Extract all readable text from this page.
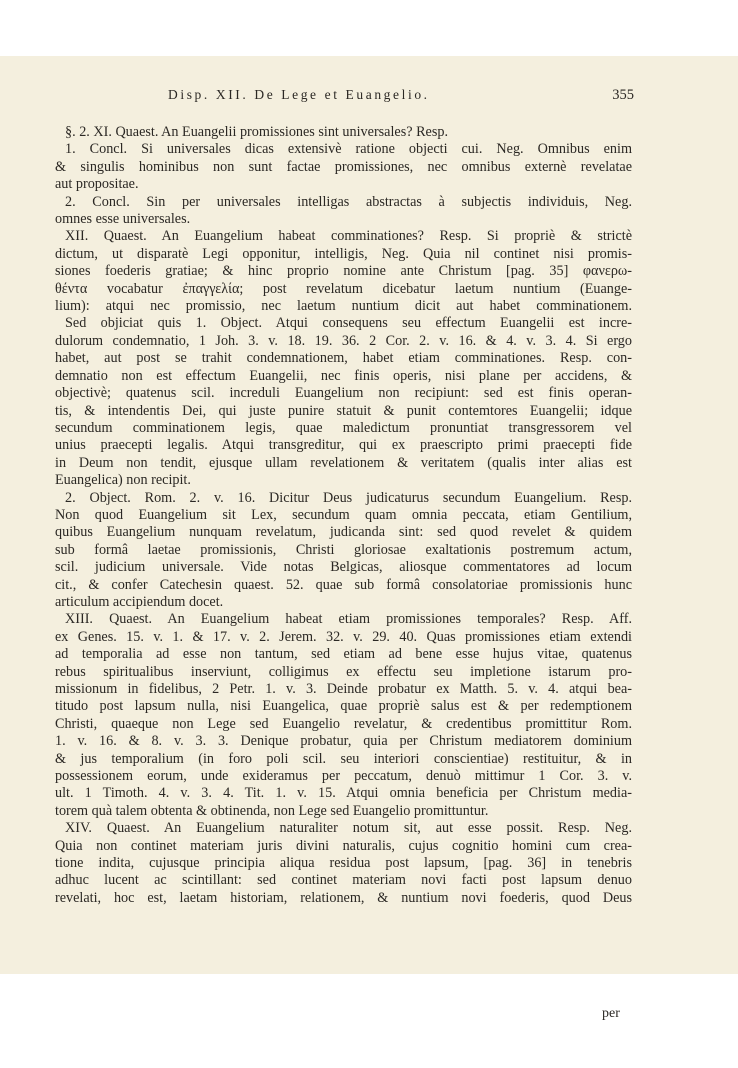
Disp. XII. De Lege et Euangelio.	355
§. 2. XI. Quaest. An Euangelii promissiones sint universales? Resp.
1. Concl. Si universales dicas extensivè ratione objecti cui. Neg. Omnibus enim
& singulis hominibus non sunt factae promissiones, nec omnibus externè revelatae
aut propositae.
2. Concl. Sin per universales intelligas abstractas à subjectis individuis, Neg.
omnes esse universales.
XII. Quaest. An Euangelium habeat comminationes? Resp. Si propriè & strictè
dictum, ut disparatè Legi opponitur, intelligis, Neg. Quia nil continet nisi promis-
siones foederis gratiae; & hinc proprio nomine ante Christum [pag. 35] φανερω-
θέντα vocabatur ἐπαγγελία; post revelatum dicebatur laetum nuntium (Euange-
lium): atqui nec promissio, nec laetum nuntium dicit aut habet comminationem.
Sed objiciat quis 1. Object. Atqui consequens seu effectum Euangelii est incre-
dulorum condemnatio, 1 Joh. 3. v. 18. 19. 36. 2 Cor. 2. v. 16. & 4. v. 3. 4. Si ergo
habet, aut post se trahit condemnationem, habet etiam comminationes. Resp. con-
demnatio non est effectum Euangelii, nec finis operis, nisi plane per accidens, &
objectivè; quatenus scil. increduli Euangelium non recipiunt: sed est finis operan-
tis, & intendentis Dei, qui juste punire statuit & punit contemtores Euangelii; idque
secundum comminationem legis, quae maledictum pronuntiat transgressorem vel
unius praecepti legalis. Atqui transgreditur, qui ex praescripto primi praecepti fide
in Deum non tendit, ejusque ullam revelationem & veritatem (qualis inter alias est
Euangelica) non recipit.
2. Object. Rom. 2. v. 16. Dicitur Deus judicaturus secundum Euangelium. Resp.
Non quod Euangelium sit Lex, secundum quam omnia peccata, etiam Gentilium,
quibus Euangelium nunquam revelatum, judicanda sint: sed quod revelet & quidem
sub formâ laetae promissionis, Christi gloriosae exaltationis postremum actum,
scil. judicium universale. Vide notas Belgicas, aliosque commentatores ad locum
cit., & confer Catechesin quaest. 52. quae sub formâ consolatoriae promissionis hunc
articulum accipiendum docet.
XIII. Quaest. An Euangelium habeat etiam promissiones temporales? Resp. Aff.
ex Genes. 15. v. 1. & 17. v. 2. Jerem. 32. v. 29. 40. Quas promissiones etiam extendi
ad temporalia ad esse non tantum, sed etiam ad bene esse hujus vitae, quatenus
rebus spiritualibus inserviunt, colligimus ex effectu seu impletione istarum pro-
missionum in fidelibus, 2 Petr. 1. v. 3. Deinde probatur ex Matth. 5. v. 4. atqui bea-
titudo post lapsum nulla, nisi Euangelica, quae propriè salus est & per redemptionem
Christi, quaeque non Lege sed Euangelio revelatur, & credentibus promittitur Rom.
1. v. 16. & 8. v. 3. 3. Denique probatur, quia per Christum mediatorem dominium
& jus temporalium (in foro poli scil. seu interiori conscientiae) restituitur, & in
possessionem eorum, unde exideramus per peccatum, denuò mittimur 1 Cor. 3. v.
ult. 1 Timoth. 4. v. 3. 4. Tit. 1. v. 15. Atqui omnia beneficia per Christum media-
torem quà talem obtenta & obtinenda, non Lege sed Euangelio promittuntur.
XIV. Quaest. An Euangelium naturaliter notum sit, aut esse possit. Resp. Neg.
Quia non continet materiam juris divini naturalis, cujus cognitio homini cum crea-
tione indita, cujusque principia aliqua residua post lapsum, [pag. 36] in tenebris
adhuc lucent ac scintillant: sed continet materiam novi facti post lapsum denuo
revelati, hoc est, laetam historiam, relationem, & nuntium novi foederis, quod Deus
per
